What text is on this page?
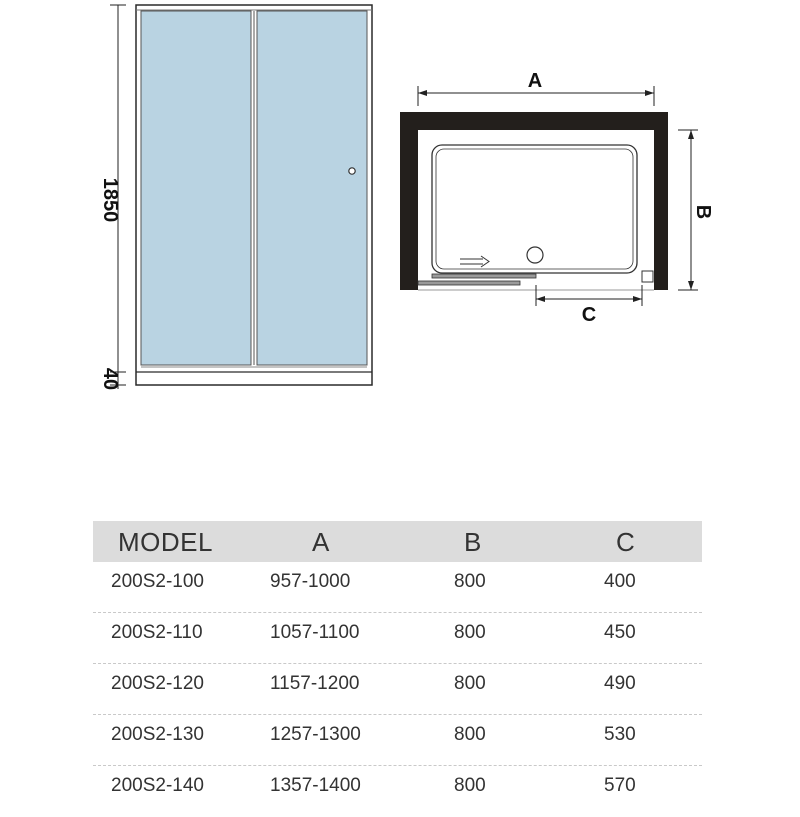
1850
40
A
B
C
MODEL	A	B	C
200S2-100	957-1000	800	400
200S2-110	1057-1100	800	450
200S2-120	1157-1200	800	490
200S2-130	1257-1300	800	530
200S2-140	1357-1400	800	570
